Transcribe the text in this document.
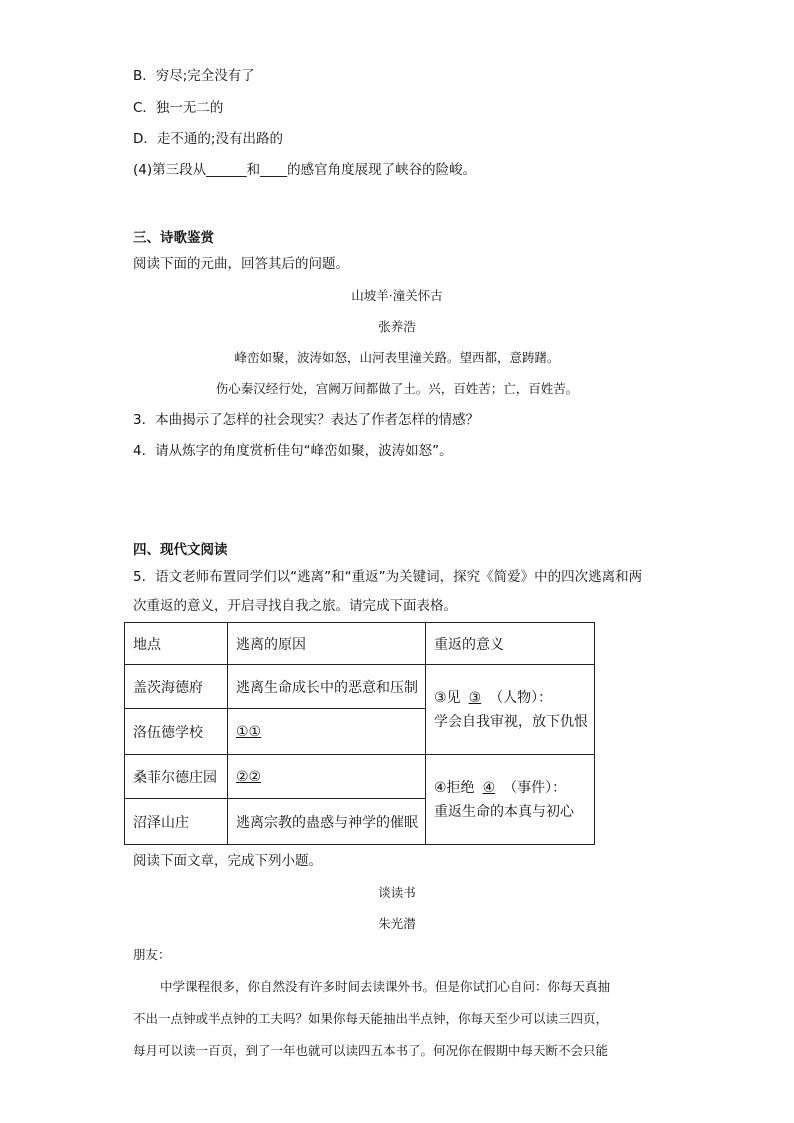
B．穷尽;完全没有了
C．独一无二的
D．走不通的;没有出路的
(4)第三段从______和____的感官角度展现了峡谷的险峻。
三、诗歌鉴赏
阅读下面的元曲，回答其后的问题。
山坡羊·潼关怀古
张养浩
峰峦如聚，波涛如怒，山河表里潼关路。望西都，意踌躇。
伤心秦汉经行处，宫阙万间都做了土。兴，百姓苦；亡，百姓苦。
3．本曲揭示了怎样的社会现实？表达了作者怎样的情感？
4．请从炼字的角度赏析佳句“峰峦如聚，波涛如怒”。
四、现代文阅读
5．语文老师布置同学们以“逃离”和“重返”为关键词，探究《简爱》中的四次逃离和两
次重返的意义，开启寻找自我之旅。请完成下面表格。
地点	逃离的原因	重返的意义
盖茨海德府	逃离生命成长中的恶意和压制	③见 ③ （人物）：
学会自我审视，放下仇恨

洛伍德学校	①①	
桑菲尔德庄园	②②	④拒绝 ④ （事件）：
重返生命的本真与初心

沼泽山庄	逃离宗教的蛊惑与神学的催眠	
阅读下面文章，完成下列小题。
谈读书
朱光潜
朋友：
中学课程很多，你自然没有许多时间去读课外书。但是你试扪心自问：你每天真抽
不出一点钟或半点钟的工夫吗？如果你每天能抽出半点钟，你每天至少可以读三四页，
每月可以读一百页，到了一年也就可以读四五本书了。何况你在假期中每天断不会只能
